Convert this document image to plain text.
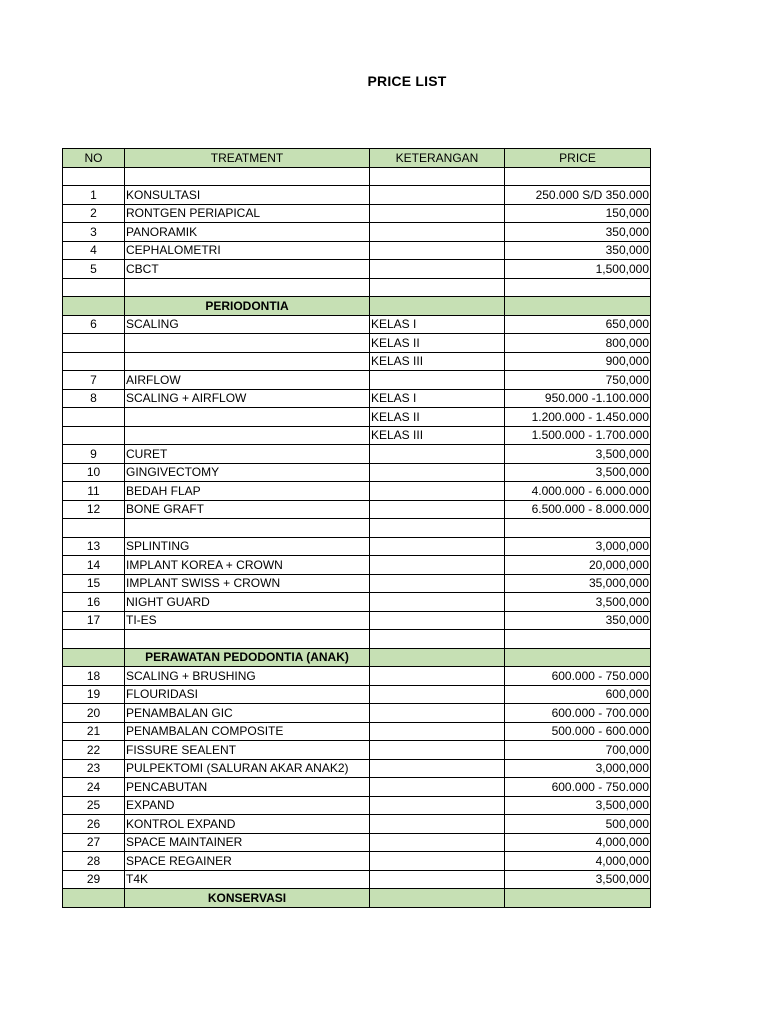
PRICE LIST
NO	TREATMENT	KETERANGAN	PRICE

1	KONSULTASI		250.000 S/D 350.000
2	RONTGEN PERIAPICAL		150,000
3	PANORAMIK		350,000
4	CEPHALOMETRI		350,000
5	CBCT		1,500,000

	PERIODONTIA		
6	SCALING	KELAS I	650,000
		KELAS II	800,000
		KELAS III	900,000
7	AIRFLOW		750,000
8	SCALING + AIRFLOW	KELAS I	950.000 -1.100.000
		KELAS II	1.200.000 - 1.450.000
		KELAS III	1.500.000 - 1.700.000
9	CURET		3,500,000
10	GINGIVECTOMY		3,500,000
11	BEDAH FLAP		4.000.000 - 6.000.000
12	BONE GRAFT		6.500.000 - 8.000.000

13	SPLINTING		3,000,000
14	IMPLANT KOREA + CROWN		20,000,000
15	IMPLANT SWISS + CROWN		35,000,000
16	NIGHT GUARD		3,500,000
17	TI-ES		350,000

	PERAWATAN PEDODONTIA (ANAK)		
18	SCALING + BRUSHING		600.000 - 750.000
19	FLOURIDASI		600,000
20	PENAMBALAN GIC		600.000 - 700.000
21	PENAMBALAN COMPOSITE		500.000 - 600.000
22	FISSURE SEALENT		700,000
23	PULPEKTOMI (SALURAN AKAR ANAK2)		3,000,000
24	PENCABUTAN		600.000 - 750.000
25	EXPAND		3,500,000
26	KONTROL EXPAND		500,000
27	SPACE MAINTAINER		4,000,000
28	SPACE REGAINER		4,000,000
29	T4K		3,500,000
	KONSERVASI		
